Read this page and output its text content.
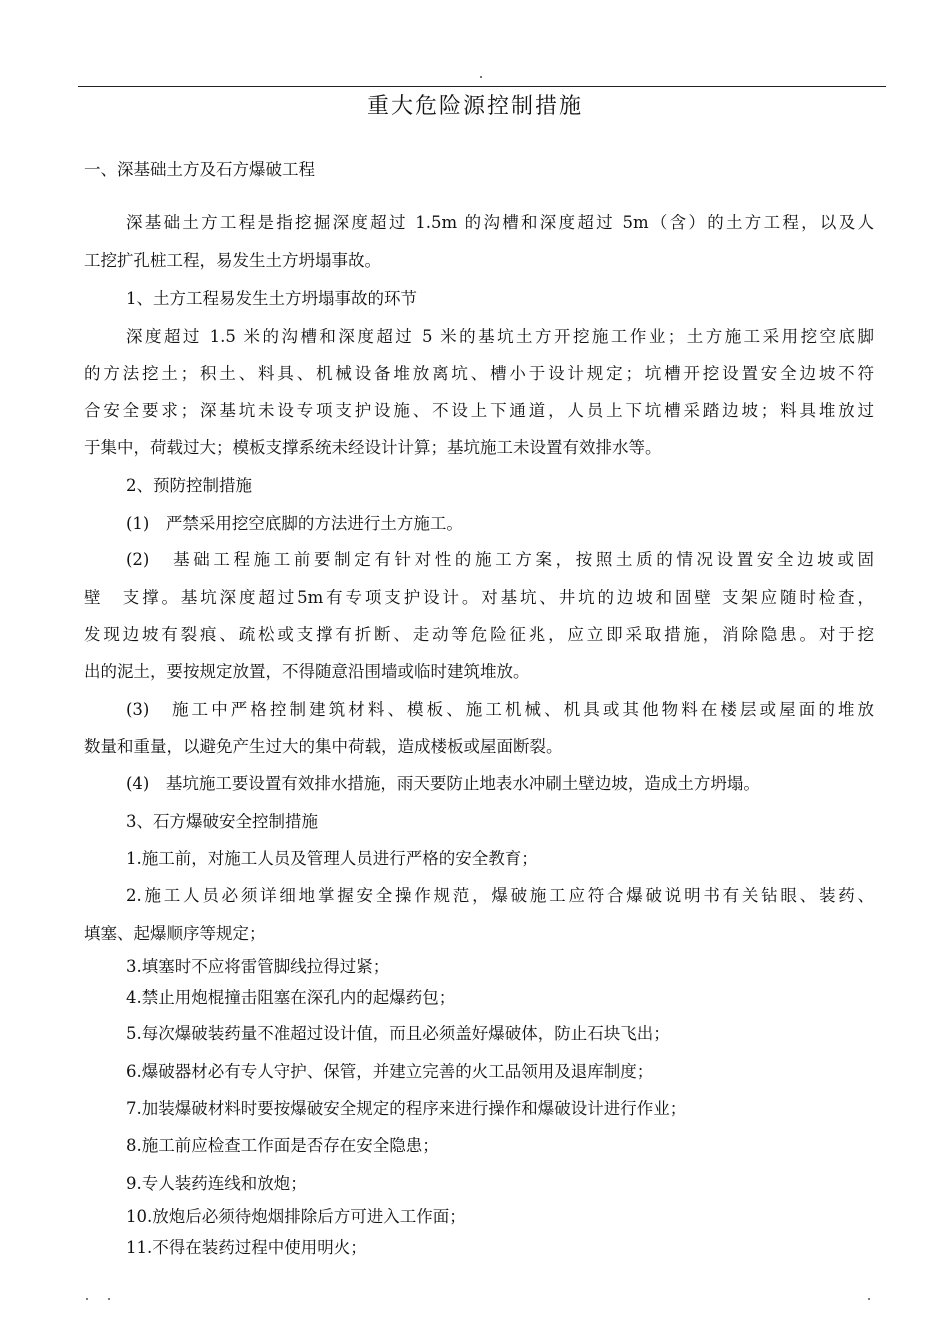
重大危险源控制措施

一、深基础土方及石方爆破工程

深基础土方工程是指挖掘深度超过 1.5m 的沟槽和深度超过 5m（含）的土方工程，以及人

工挖扩孔桩工程，易发生土方坍塌事故。

1、土方工程易发生土方坍塌事故的环节

深度超过 1.5 米的沟槽和深度超过 5 米的基坑土方开挖施工作业；土方施工采用挖空底脚

的方法挖土；积土、料具、机械设备堆放离坑、槽小于设计规定；坑槽开挖设置安全边坡不符

合安全要求；深基坑未设专项支护设施、不设上下通道，人员上下坑槽采踏边坡；料具堆放过

于集中，荷载过大；模板支撑系统未经设计计算；基坑施工未设置有效排水等。

2、预防控制措施

(1)　严禁采用挖空底脚的方法进行土方施工。

(2)　基础工程施工前要制定有针对性的施工方案，按照土质的情况设置安全边坡或固

壁　支撑。基坑深度超过5m有专项支护设计。对基坑、井坑的边坡和固壁 支架应随时检查，

发现边坡有裂痕、疏松或支撑有折断、走动等危险征兆，应立即采取措施，消除隐患。对于挖

出的泥土，要按规定放置，不得随意沿围墙或临时建筑堆放。

(3)　施工中严格控制建筑材料、模板、施工机械、机具或其他物料在楼层或屋面的堆放

数量和重量，以避免产生过大的集中荷载，造成楼板或屋面断裂。

(4)　基坑施工要设置有效排水措施，雨天要防止地表水冲刷土壁边坡，造成土方坍塌。

3、石方爆破安全控制措施

1.施工前，对施工人员及管理人员进行严格的安全教育；

2.施工人员必须详细地掌握安全操作规范，爆破施工应符合爆破说明书有关钻眼、装药、

填塞、起爆顺序等规定；

3.填塞时不应将雷管脚线拉得过紧；

4.禁止用炮棍撞击阻塞在深孔内的起爆药包；

5.每次爆破装药量不准超过设计值，而且必须盖好爆破体，防止石块飞出；

6.爆破器材必有专人守护、保管，并建立完善的火工品领用及退库制度；

7.加装爆破材料时要按爆破安全规定的程序来进行操作和爆破设计进行作业；

8.施工前应检查工作面是否存在安全隐患；

9.专人装药连线和放炮；

10.放炮后必须待炮烟排除后方可进入工作面；

11.不得在装药过程中使用明火；
